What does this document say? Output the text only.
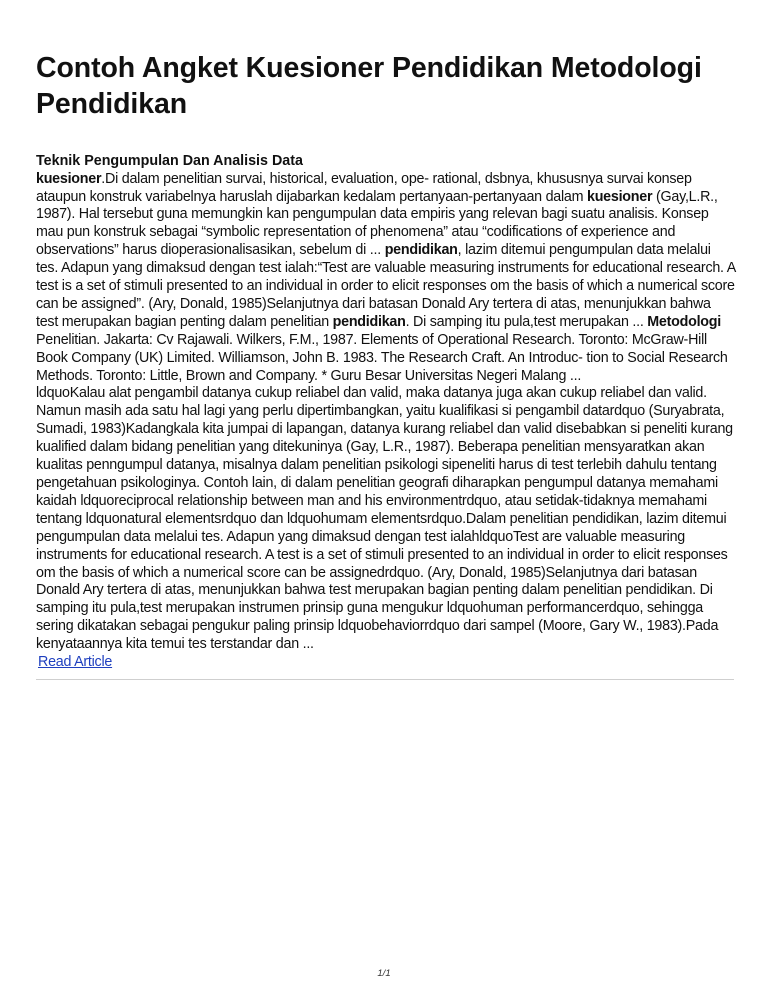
Contoh Angket Kuesioner Pendidikan Metodologi Pendidikan
Teknik Pengumpulan Dan Analisis Data
kuesioner.Di dalam penelitian survai, historical, evaluation, ope- rational, dsbnya, khususnya survai konsep ataupun konstruk variabelnya haruslah dijabarkan kedalam pertanyaan-pertanyaan dalam kuesioner (Gay,L.R., 1987). Hal tersebut guna memungkin kan pengumpulan data empiris yang relevan bagi suatu analisis. Konsep mau pun konstruk sebagai “symbolic representation of phenomena” atau “codifications of experience and observations” harus dioperasionalisasikan, sebelum di ... pendidikan, lazim ditemui pengumpulan data melalui tes. Adapun yang dimaksud dengan test ialah:“Test are valuable measuring instruments for educational research. A test is a set of stimuli presented to an individual in order to elicit responses om the basis of which a numerical score can be assigned”. (Ary, Donald, 1985)Selanjutnya dari batasan Donald Ary tertera di atas, menunjukkan bahwa test merupakan bagian penting dalam penelitian pendidikan. Di samping itu pula,test merupakan ... Metodologi Penelitian. Jakarta: Cv Rajawali. Wilkers, F.M., 1987. Elements of Operational Research. Toronto: McGraw-Hill Book Company (UK) Limited. Williamson, John B. 1983. The Research Craft. An Introduc- tion to Social Research Methods. Toronto: Little, Brown and Company. * Guru Besar Universitas Negeri Malang ...
ldquoKalau alat pengambil datanya cukup reliabel dan valid, maka datanya juga akan cukup reliabel dan valid. Namun masih ada satu hal lagi yang perlu dipertimbangkan, yaitu kualifikasi si pengambil datardquo (Suryabrata, Sumadi, 1983)Kadangkala kita jumpai di lapangan, datanya kurang reliabel dan valid disebabkan si peneliti kurang kualified dalam bidang penelitian yang ditekuninya (Gay, L.R., 1987). Beberapa penelitian mensyaratkan akan kualitas penngumpul datanya, misalnya dalam penelitian psikologi sipeneliti harus di test terlebih dahulu tentang pengetahuan psikologinya. Contoh lain, di dalam penelitian geografi diharapkan pengumpul datanya memahami kaidah ldquoreciprocal relationship between man and his environmentrdquo, atau setidak-tidaknya memahami tentang ldquonatural elementsrdquo dan ldquohumam elementsrdquo.Dalam penelitian pendidikan, lazim ditemui pengumpulan data melalui tes. Adapun yang dimaksud dengan test ialahldquoTest are valuable measuring instruments for educational research. A test is a set of stimuli presented to an individual in order to elicit responses om the basis of which a numerical score can be assignedrdquo. (Ary, Donald, 1985)Selanjutnya dari batasan Donald Ary tertera di atas, menunjukkan bahwa test merupakan bagian penting dalam penelitian pendidikan. Di samping itu pula,test merupakan instrumen prinsip guna mengukur ldquohuman performancerdquo, sehingga sering dikatakan sebagai pengukur paling prinsip ldquobehaviorrdquo dari sampel (Moore, Gary W., 1983).Pada kenyataannya kita temui tes terstandar dan ...
Read Article
1/1
